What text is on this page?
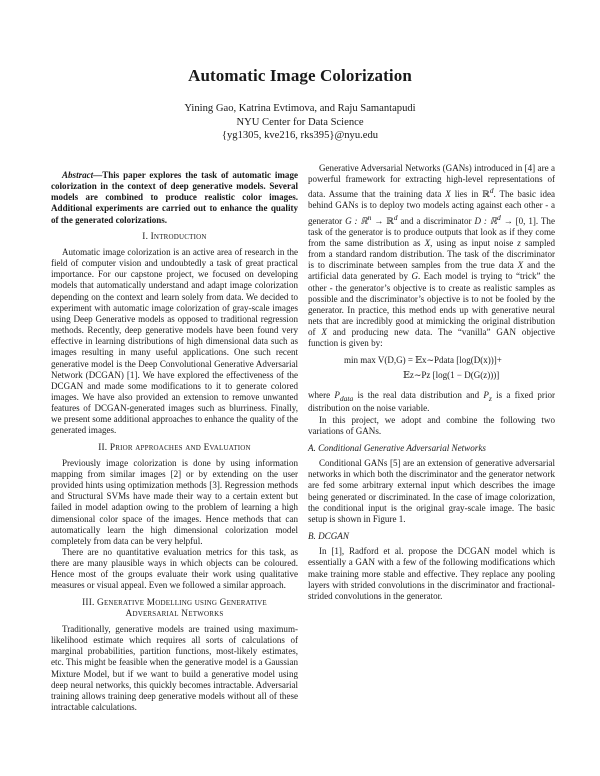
Automatic Image Colorization
Yining Gao, Katrina Evtimova, and Raju Samantapudi
NYU Center for Data Science
{yg1305, kve216, rks395}@nyu.edu

Abstract—This paper explores the task of automatic image colorization in the context of deep generative models. Several models are combined to produce realistic color images. Additional experiments are carried out to enhance the quality of the generated colorizations.

I. Introduction

Automatic image colorization is an active area of research in the field of computer vision and undoubtedly a task of great practical importance. For our capstone project, we focused on developing models that automatically understand and adapt image colorization depending on the context and learn solely from data. We decided to experiment with automatic image colorization of gray-scale images using Deep Generative models as opposed to traditional regression methods. Recently, deep generative models have been found very effective in learning distributions of high dimensional data such as images resulting in many useful applications. One such recent generative model is the Deep Convolutional Generative Adversarial Network (DCGAN) [1]. We have explored the effectiveness of the DCGAN and made some modifications to it to generate colored images. We have also provided an extension to remove unwanted features of DCGAN-generated images such as blurriness. Finally, we present some additional approaches to enhance the quality of the generated images.

II. Prior approaches and Evaluation

Previously image colorization is done by using information mapping from similar images [2] or by extending on the user provided hints using optimization methods [3]. Regression methods and Structural SVMs have made their way to a certain extent but failed in model adaption owing to the problem of learning a high dimensional color space of the images. Hence methods that can automatically learn the high dimensional colorization model completely from data can be very helpful.

There are no quantitative evaluation metrics for this task, as there are many plausible ways in which objects can be coloured. Hence most of the groups evaluate their work using qualitative measures or visual appeal. Even we followed a similar approach.

III. Generative Modelling using Generative
Adversarial Networks

Traditionally, generative models are trained using maximum-likelihood estimate which requires all sorts of calculations of marginal probabilities, partition functions, most-likely estimates, etc. This might be feasible when the generative model is a Gaussian Mixture Model, but if we want to build a generative model using deep neural networks, this quickly becomes intractable. Adversarial training allows training deep generative models without all of these intractable calculations.

Generative Adversarial Networks (GANs) introduced in [4] are a powerful framework for extracting high-level representations of data. Assume that the training data X lies in ℝ$^d$. The basic idea behind GANs is to deploy two models acting against each other - a generator G : ℝ$^n$ → ℝ$^d$ and a discriminator D : ℝ$^d$ → [0, 1]. The task of the generator is to produce outputs that look as if they come from the same distribution as X, using as input noise z sampled from a standard random distribution. The task of the discriminator is to discriminate between samples from the true data X and the artificial data generated by G. Each model is trying to “trick” the other - the generator’s objective is to create as realistic samples as possible and the discriminator’s objective is to not be fooled by the generator. In practice, this method ends up with generative neural nets that are incredibly good at mimicking the original distribution of X and producing new data. The “vanilla” GAN objective function is given by:

min max V(D,G) = 𝔼x∼Pdata [log(D(x))]+
𝔼z∼Pz [log(1 − D(G(z)))]

where $P_{data}$ is the real data distribution and $P_z$ is a fixed prior distribution on the noise variable.

In this project, we adopt and combine the following two variations of GANs.

A. Conditional Generative Adversarial Networks

Conditional GANs [5] are an extension of generative adversarial networks in which both the discriminator and the generator network are fed some arbitrary external input which describes the image being generated or discriminated. In the case of image colorization, the conditional input is the original gray-scale image. The basic setup is shown in Figure 1.

B. DCGAN

In [1], Radford et al. propose the DCGAN model which is essentially a GAN with a few of the following modifications which make training more stable and effective. They replace any pooling layers with strided convolutions in the discriminator and fractional-strided convolutions in the generator.
